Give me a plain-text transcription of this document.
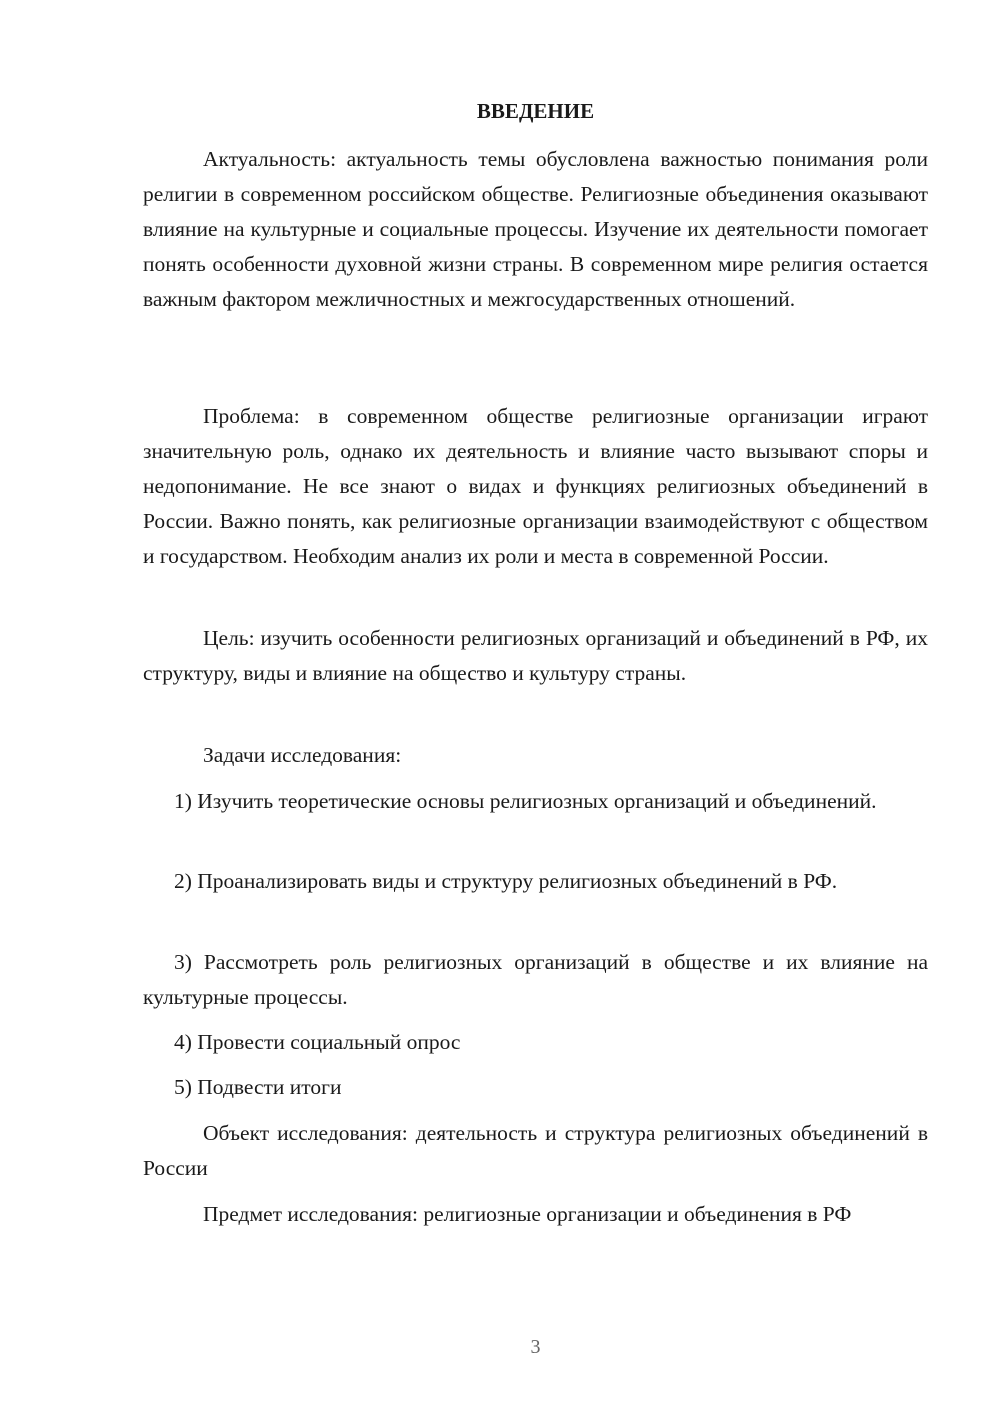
ВВЕДЕНИЕ

Актуальность: актуальность темы обусловлена важностью понимания роли религии в современном российском обществе. Религиозные объединения оказывают влияние на культурные и социальные процессы. Изучение их деятельности помогает понять особенности духовной жизни страны. В современном мире религия остается важным фактором межличностных и межгосударственных отношений.

Проблема: в современном обществе религиозные организации играют значительную роль, однако их деятельность и влияние часто вызывают споры и недопонимание. Не все знают о видах и функциях религиозных объединений в России. Важно понять, как религиозные организации взаимодействуют с обществом и государством. Необходим анализ их роли и места в современной России.

Цель: изучить особенности религиозных организаций и объединений в РФ, их структуру, виды и влияние на общество и культуру страны.

Задачи исследования:

1) Изучить теоретические основы религиозных организаций и объединений.

2) Проанализировать виды и структуру религиозных объединений в РФ.

3) Рассмотреть роль религиозных организаций в обществе и их влияние на культурные процессы.

4) Провести социальный опрос

5) Подвести итоги

Объект исследования: деятельность и структура религиозных объединений в России

Предмет исследования: религиозные организации и объединения в РФ

3
